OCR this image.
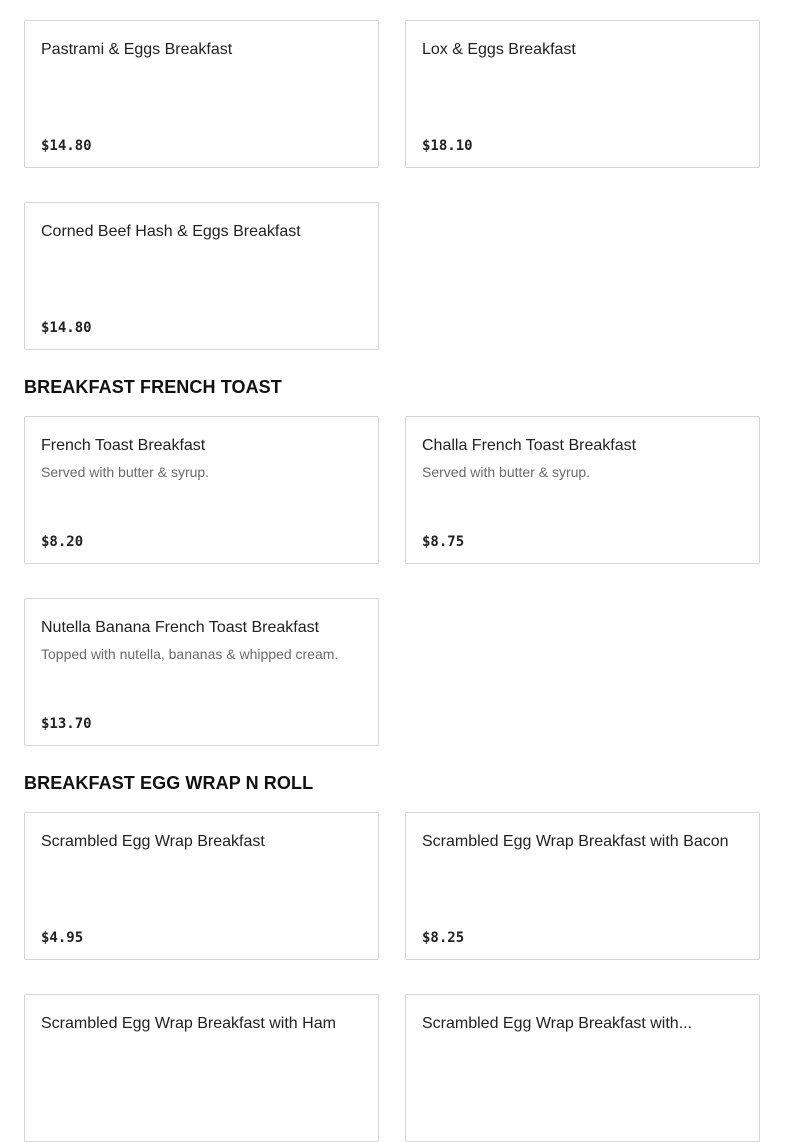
Pastrami & Eggs Breakfast
$14.80
Lox & Eggs Breakfast
$18.10
Corned Beef Hash & Eggs Breakfast
$14.80
BREAKFAST FRENCH TOAST
French Toast Breakfast
Served with butter & syrup.
$8.20
Challa French Toast Breakfast
Served with butter & syrup.
$8.75
Nutella Banana French Toast Breakfast
Topped with nutella, bananas & whipped cream.
$13.70
BREAKFAST EGG WRAP N ROLL
Scrambled Egg Wrap Breakfast
$4.95
Scrambled Egg Wrap Breakfast with Bacon
$8.25
Scrambled Egg Wrap Breakfast with Ham	Scrambled Egg Wrap Breakfast with...
